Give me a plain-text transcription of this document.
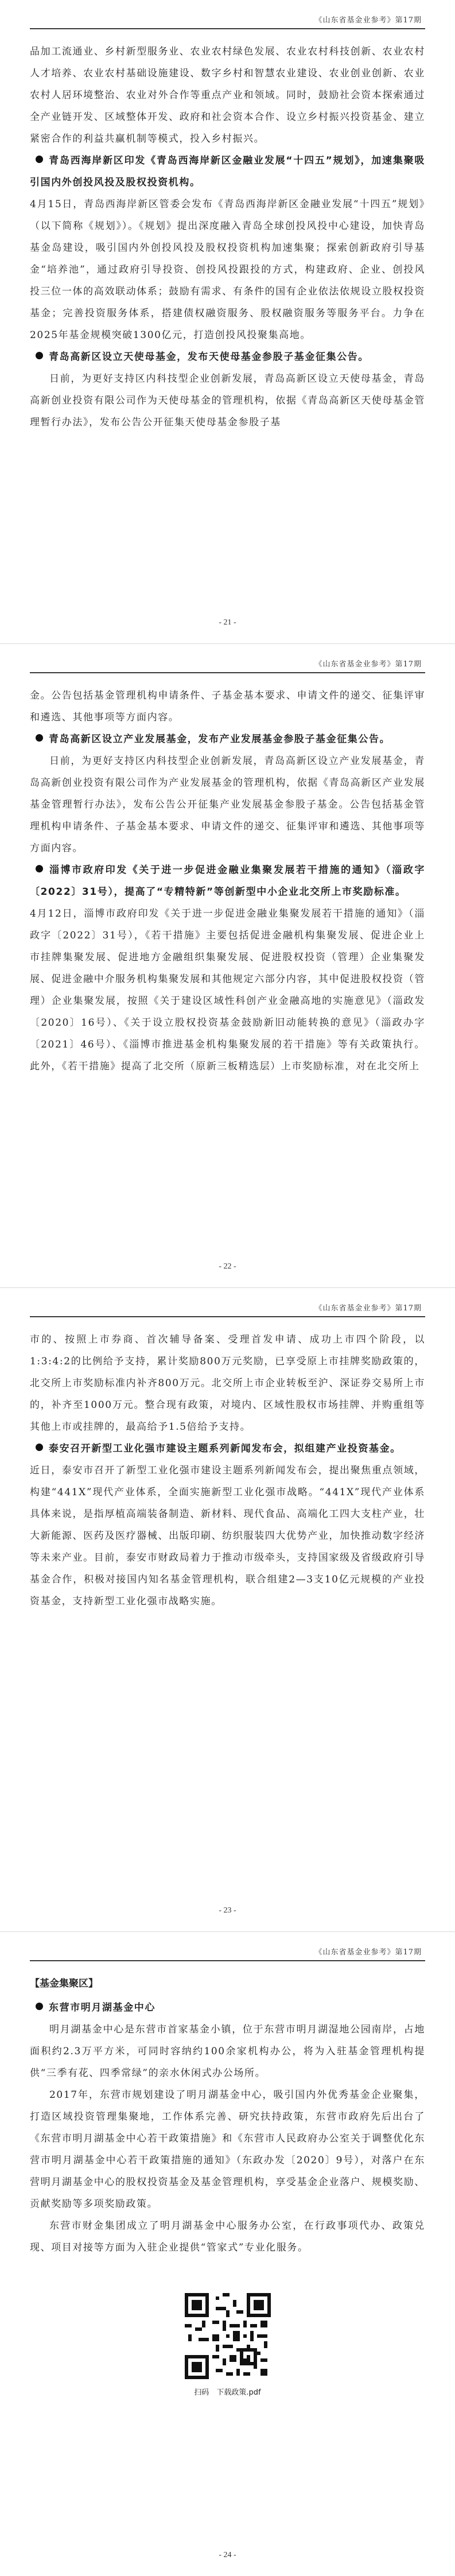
《山东省基金业参考》第17期

品加工流通业、乡村新型服务业、农业农村绿色发展、农业农村科技创新、农业农村人才培养、农业农村基础设施建设、数字乡村和智慧农业建设、农业创业创新、农业农村人居环境整治、农业对外合作等重点产业和领域。同时，鼓励社会资本探索通过全产业链开发、区域整体开发、政府和社会资本合作、设立乡村振兴投资基金、建立紧密合作的利益共赢机制等模式，投入乡村振兴。

青岛西海岸新区印发《青岛西海岸新区金融业发展“十四五”规划》，加速集聚吸引国内外创投风投及股权投资机构。

4月15日，青岛西海岸新区管委会发布《青岛西海岸新区金融业发展“十四五”规划》（以下简称《规划》）。《规划》提出深度融入青岛全球创投风投中心建设，加快青岛基金岛建设，吸引国内外创投风投及股权投资机构加速集聚；探索创新政府引导基金“培养池”，通过政府引导投资、创投风投跟投的方式，构建政府、企业、创投风投三位一体的高效联动体系；鼓励有需求、有条件的国有企业依法依规设立股权投资基金；完善投资服务体系，搭建债权融资服务、股权融资服务等服务平台。力争在2025年基金规模突破1300亿元，打造创投风投聚集高地。

青岛高新区设立天使母基金，发布天使母基金参股子基金征集公告。

日前，为更好支持区内科技型企业创新发展，青岛高新区设立天使母基金，青岛高新创业投资有限公司作为天使母基金的管理机构，依据《青岛高新区天使母基金管理暂行办法》，发布公告公开征集天使母基金参股子基

- 21 -
《山东省基金业参考》第17期

金。公告包括基金管理机构申请条件、子基金基本要求、申请文件的递交、征集评审和遴选、其他事项等方面内容。

青岛高新区设立产业发展基金，发布产业发展基金参股子基金征集公告。

日前，为更好支持区内科技型企业创新发展，青岛高新区设立产业发展基金，青岛高新创业投资有限公司作为产业发展基金的管理机构，依据《青岛高新区产业发展基金管理暂行办法》，发布公告公开征集产业发展基金参股子基金。公告包括基金管理机构申请条件、子基金基本要求、申请文件的递交、征集评审和遴选、其他事项等方面内容。

淄博市政府印发《关于进一步促进金融业集聚发展若干措施的通知》（淄政字〔2022〕31号），提高了“专精特新”等创新型中小企业北交所上市奖励标准。

4月12日，淄博市政府印发《关于进一步促进金融业集聚发展若干措施的通知》（淄政字〔2022〕31号），《若干措施》主要包括促进金融机构集聚发展、促进企业上市挂牌集聚发展、促进地方金融组织集聚发展、促进股权投资（管理）企业集聚发展、促进金融中介服务机构集聚发展和其他规定六部分内容，其中促进股权投资（管理）企业集聚发展，按照《关于建设区域性科创产业金融高地的实施意见》（淄政发〔2020〕16号）、《关于设立股权投资基金鼓励新旧动能转换的意见》（淄政办字〔2021〕46号）、《淄博市推进基金机构集聚发展的若干措施》等有关政策执行。此外，《若干措施》提高了北交所（原新三板精选层）上市奖励标准，对在北交所上

- 22 -
《山东省基金业参考》第17期

市的、按照上市券商、首次辅导备案、受理首发申请、成功上市四个阶段，以1:3:4:2的比例给予支持，累计奖励800万元奖励，已享受原上市挂牌奖励政策的，北交所上市奖励标准内补齐800万元。北交所上市企业转板至沪、深证券交易所上市的，补齐至1000万元。整合现有政策，对境内、区域性股权市场挂牌、并购重组等其他上市或挂牌的，最高给予1.5倍给予支持。

泰安召开新型工业化强市建设主题系列新闻发布会，拟组建产业投资基金。

近日，泰安市召开了新型工业化强市建设主题系列新闻发布会，提出聚焦重点领域，构建“441X”现代产业体系，全面实施新型工业化强市战略。“441X”现代产业体系具体来说，是指厚植高端装备制造、新材料、现代食品、高端化工四大支柱产业，壮大新能源、医药及医疗器械、出版印刷、纺织服装四大优势产业，加快推动数字经济等未来产业。目前，泰安市财政局着力于推动市级牵头，支持国家级及省级政府引导基金合作，积极对接国内知名基金管理机构，联合组建2—3支10亿元规模的产业投资基金，支持新型工业化强市战略实施。

- 23 -
《山东省基金业参考》第17期
【基金集聚区】

东营市明月湖基金中心

明月湖基金中心是东营市首家基金小镇，位于东营市明月湖湿地公园南岸，占地面积约2.3万平方米，可同时容纳约100余家机构办公，将为入驻基金管理机构提供“三季有花、四季常绿”的亲水休闲式办公场所。

2017年，东营市规划建设了明月湖基金中心，吸引国内外优秀基金企业聚集，打造区域投资管理集聚地，工作体系完善、研究扶持政策，东营市政府先后出台了《东营市明月湖基金中心若干政策措施》和《东营市人民政府办公室关于调整优化东营市明月湖基金中心若干政策措施的通知》（东政办发〔2020〕9号），对落户在东营明月湖基金中心的股权投资基金及基金管理机构，享受基金企业落户、规模奖励、贡献奖励等多项奖励政策。

东营市财金集团成立了明月湖基金中心服务办公室，在行政事项代办、政策兑现、项目对接等方面为入驻企业提供“管家式”专业化服务。

扫码　下载政策.pdf
- 24 -
